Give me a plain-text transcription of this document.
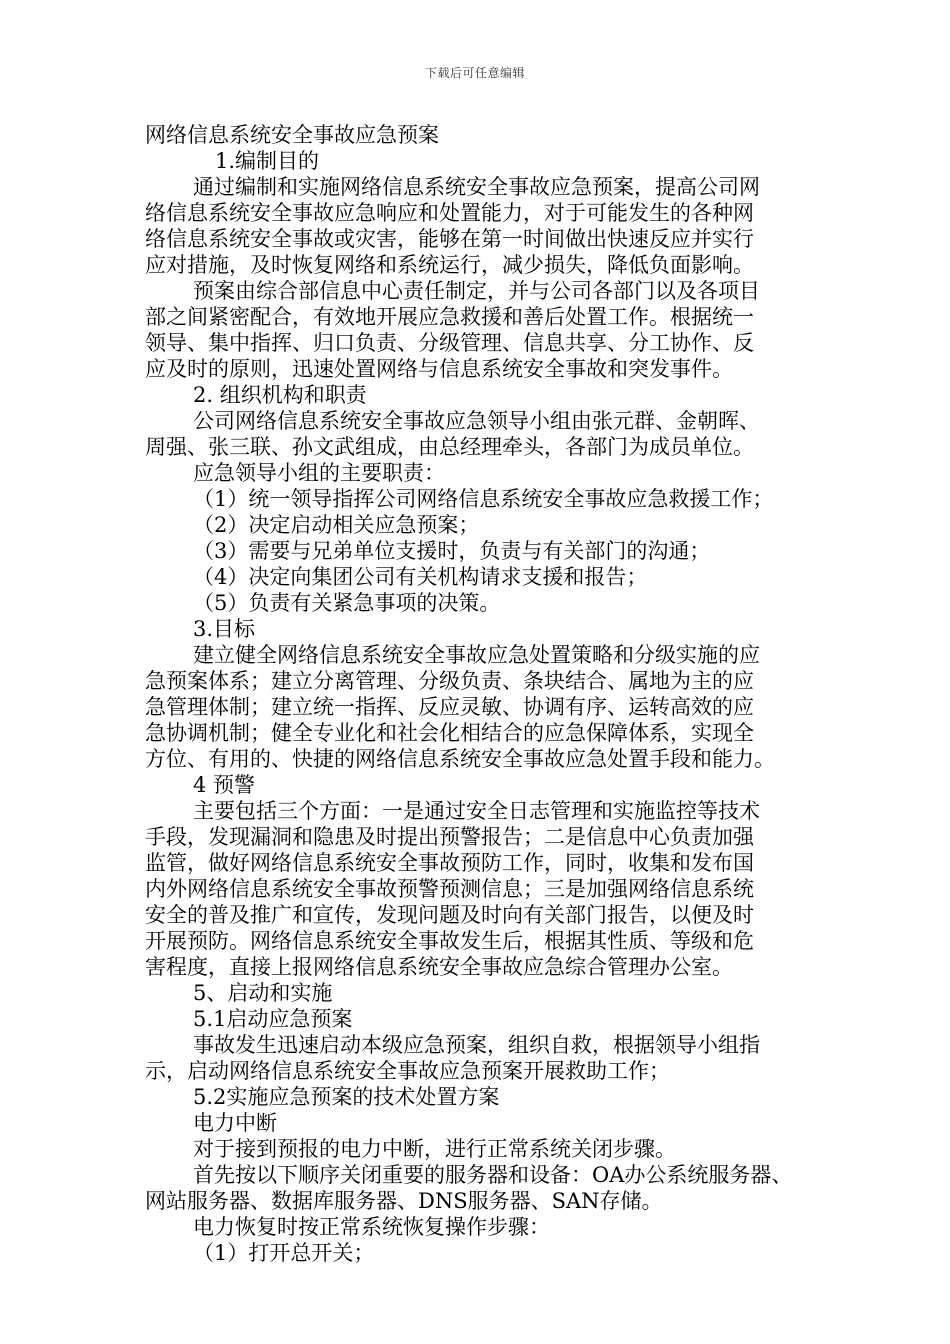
下载后可任意编辑

网络信息系统安全事故应急预案

1.编制目的

通过编制和实施网络信息系统安全事故应急预案，提高公司网

络信息系统安全事故应急响应和处置能力，对于可能发生的各种网

络信息系统安全事故或灾害，能够在第一时间做出快速反应并实行

应对措施，及时恢复网络和系统运行，减少损失，降低负面影响。

预案由综合部信息中心责任制定，并与公司各部门以及各项目

部之间紧密配合，有效地开展应急救援和善后处置工作。根据统一

领导、集中指挥、归口负责、分级管理、信息共享、分工协作、反

应及时的原则，迅速处置网络与信息系统安全事故和突发事件。

2. 组织机构和职责

公司网络信息系统安全事故应急领导小组由张元群、金朝晖、

周强、张三联、孙文武组成，由总经理牵头，各部门为成员单位。

应急领导小组的主要职责：

（1）统一领导指挥公司网络信息系统安全事故应急救援工作；

（2）决定启动相关应急预案；

（3）需要与兄弟单位支援时，负责与有关部门的沟通；

（4）决定向集团公司有关机构请求支援和报告；

（5）负责有关紧急事项的决策。

3.目标

建立健全网络信息系统安全事故应急处置策略和分级实施的应

急预案体系；建立分离管理、分级负责、条块结合、属地为主的应

急管理体制；建立统一指挥、反应灵敏、协调有序、运转高效的应

急协调机制；健全专业化和社会化相结合的应急保障体系，实现全

方位、有用的、快捷的网络信息系统安全事故应急处置手段和能力。

4 预警

主要包括三个方面：一是通过安全日志管理和实施监控等技术

手段，发现漏洞和隐患及时提出预警报告；二是信息中心负责加强

监管，做好网络信息系统安全事故预防工作，同时，收集和发布国

内外网络信息系统安全事故预警预测信息；三是加强网络信息系统

安全的普及推广和宣传，发现问题及时向有关部门报告，以便及时

开展预防。网络信息系统安全事故发生后，根据其性质、等级和危

害程度，直接上报网络信息系统安全事故应急综合管理办公室。

5、启动和实施

5.1启动应急预案

事故发生迅速启动本级应急预案，组织自救，根据领导小组指

示，启动网络信息系统安全事故应急预案开展救助工作；

5.2实施应急预案的技术处置方案

电力中断

对于接到预报的电力中断，进行正常系统关闭步骤。

首先按以下顺序关闭重要的服务器和设备：OA办公系统服务器、

网站服务器、数据库服务器、DNS服务器、SAN存储。

电力恢复时按正常系统恢复操作步骤：

（1）打开总开关；
